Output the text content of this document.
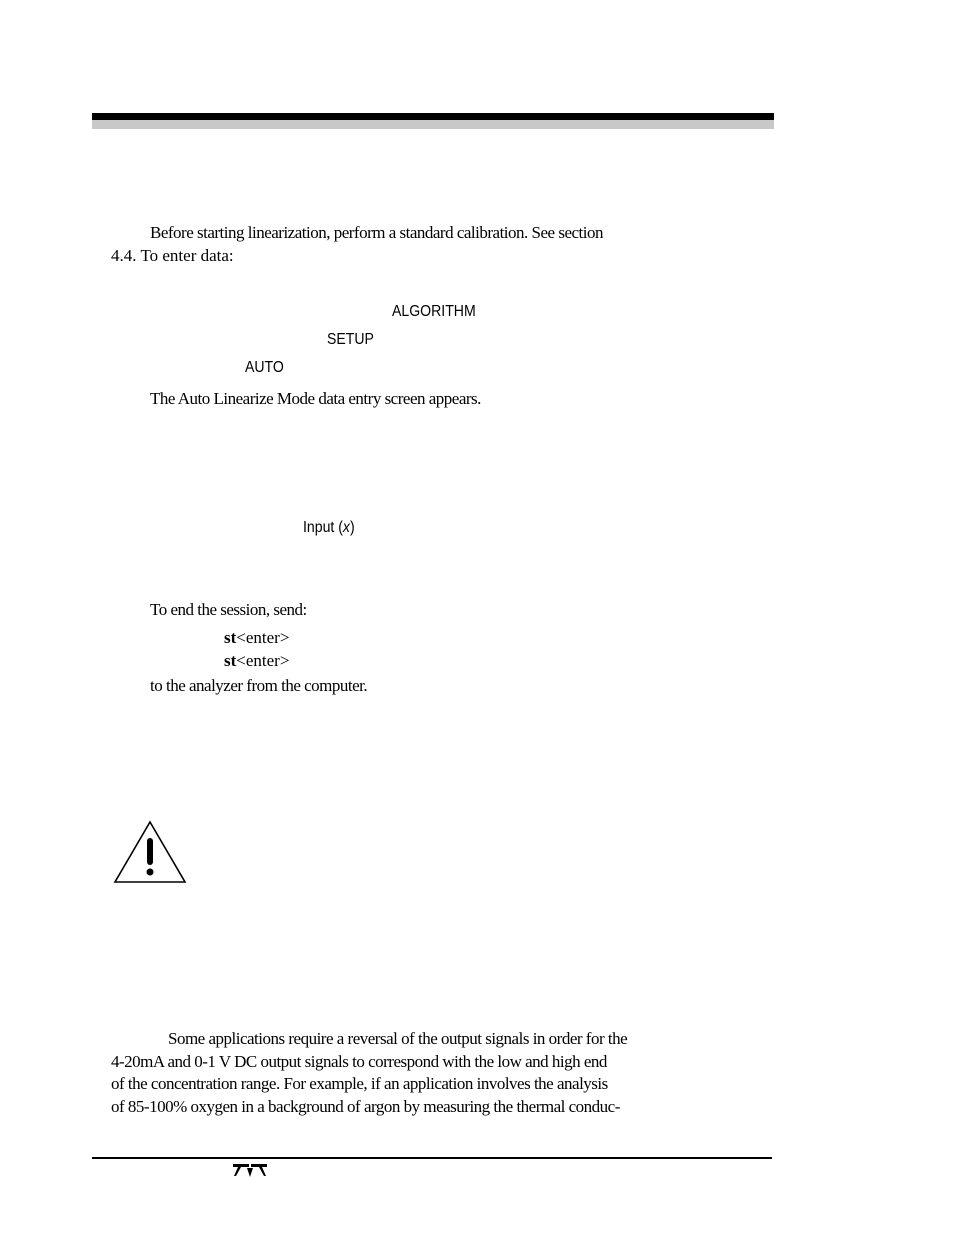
Before starting linearization, perform a standard calibration. See section
4.4. To enter data:
ALGORITHM
SETUP
AUTO
The Auto Linearize Mode data entry screen appears.
Input (x)
To end the session, send:
st<enter>
st<enter>
to the analyzer from the computer.
Some applications require a reversal of the output signals in order for the
4-20mA and 0-1 V DC output signals to correspond with the low and high end
of the concentration range. For example, if an application involves the analysis
of 85-100% oxygen in a background of argon by measuring the thermal conduc-
